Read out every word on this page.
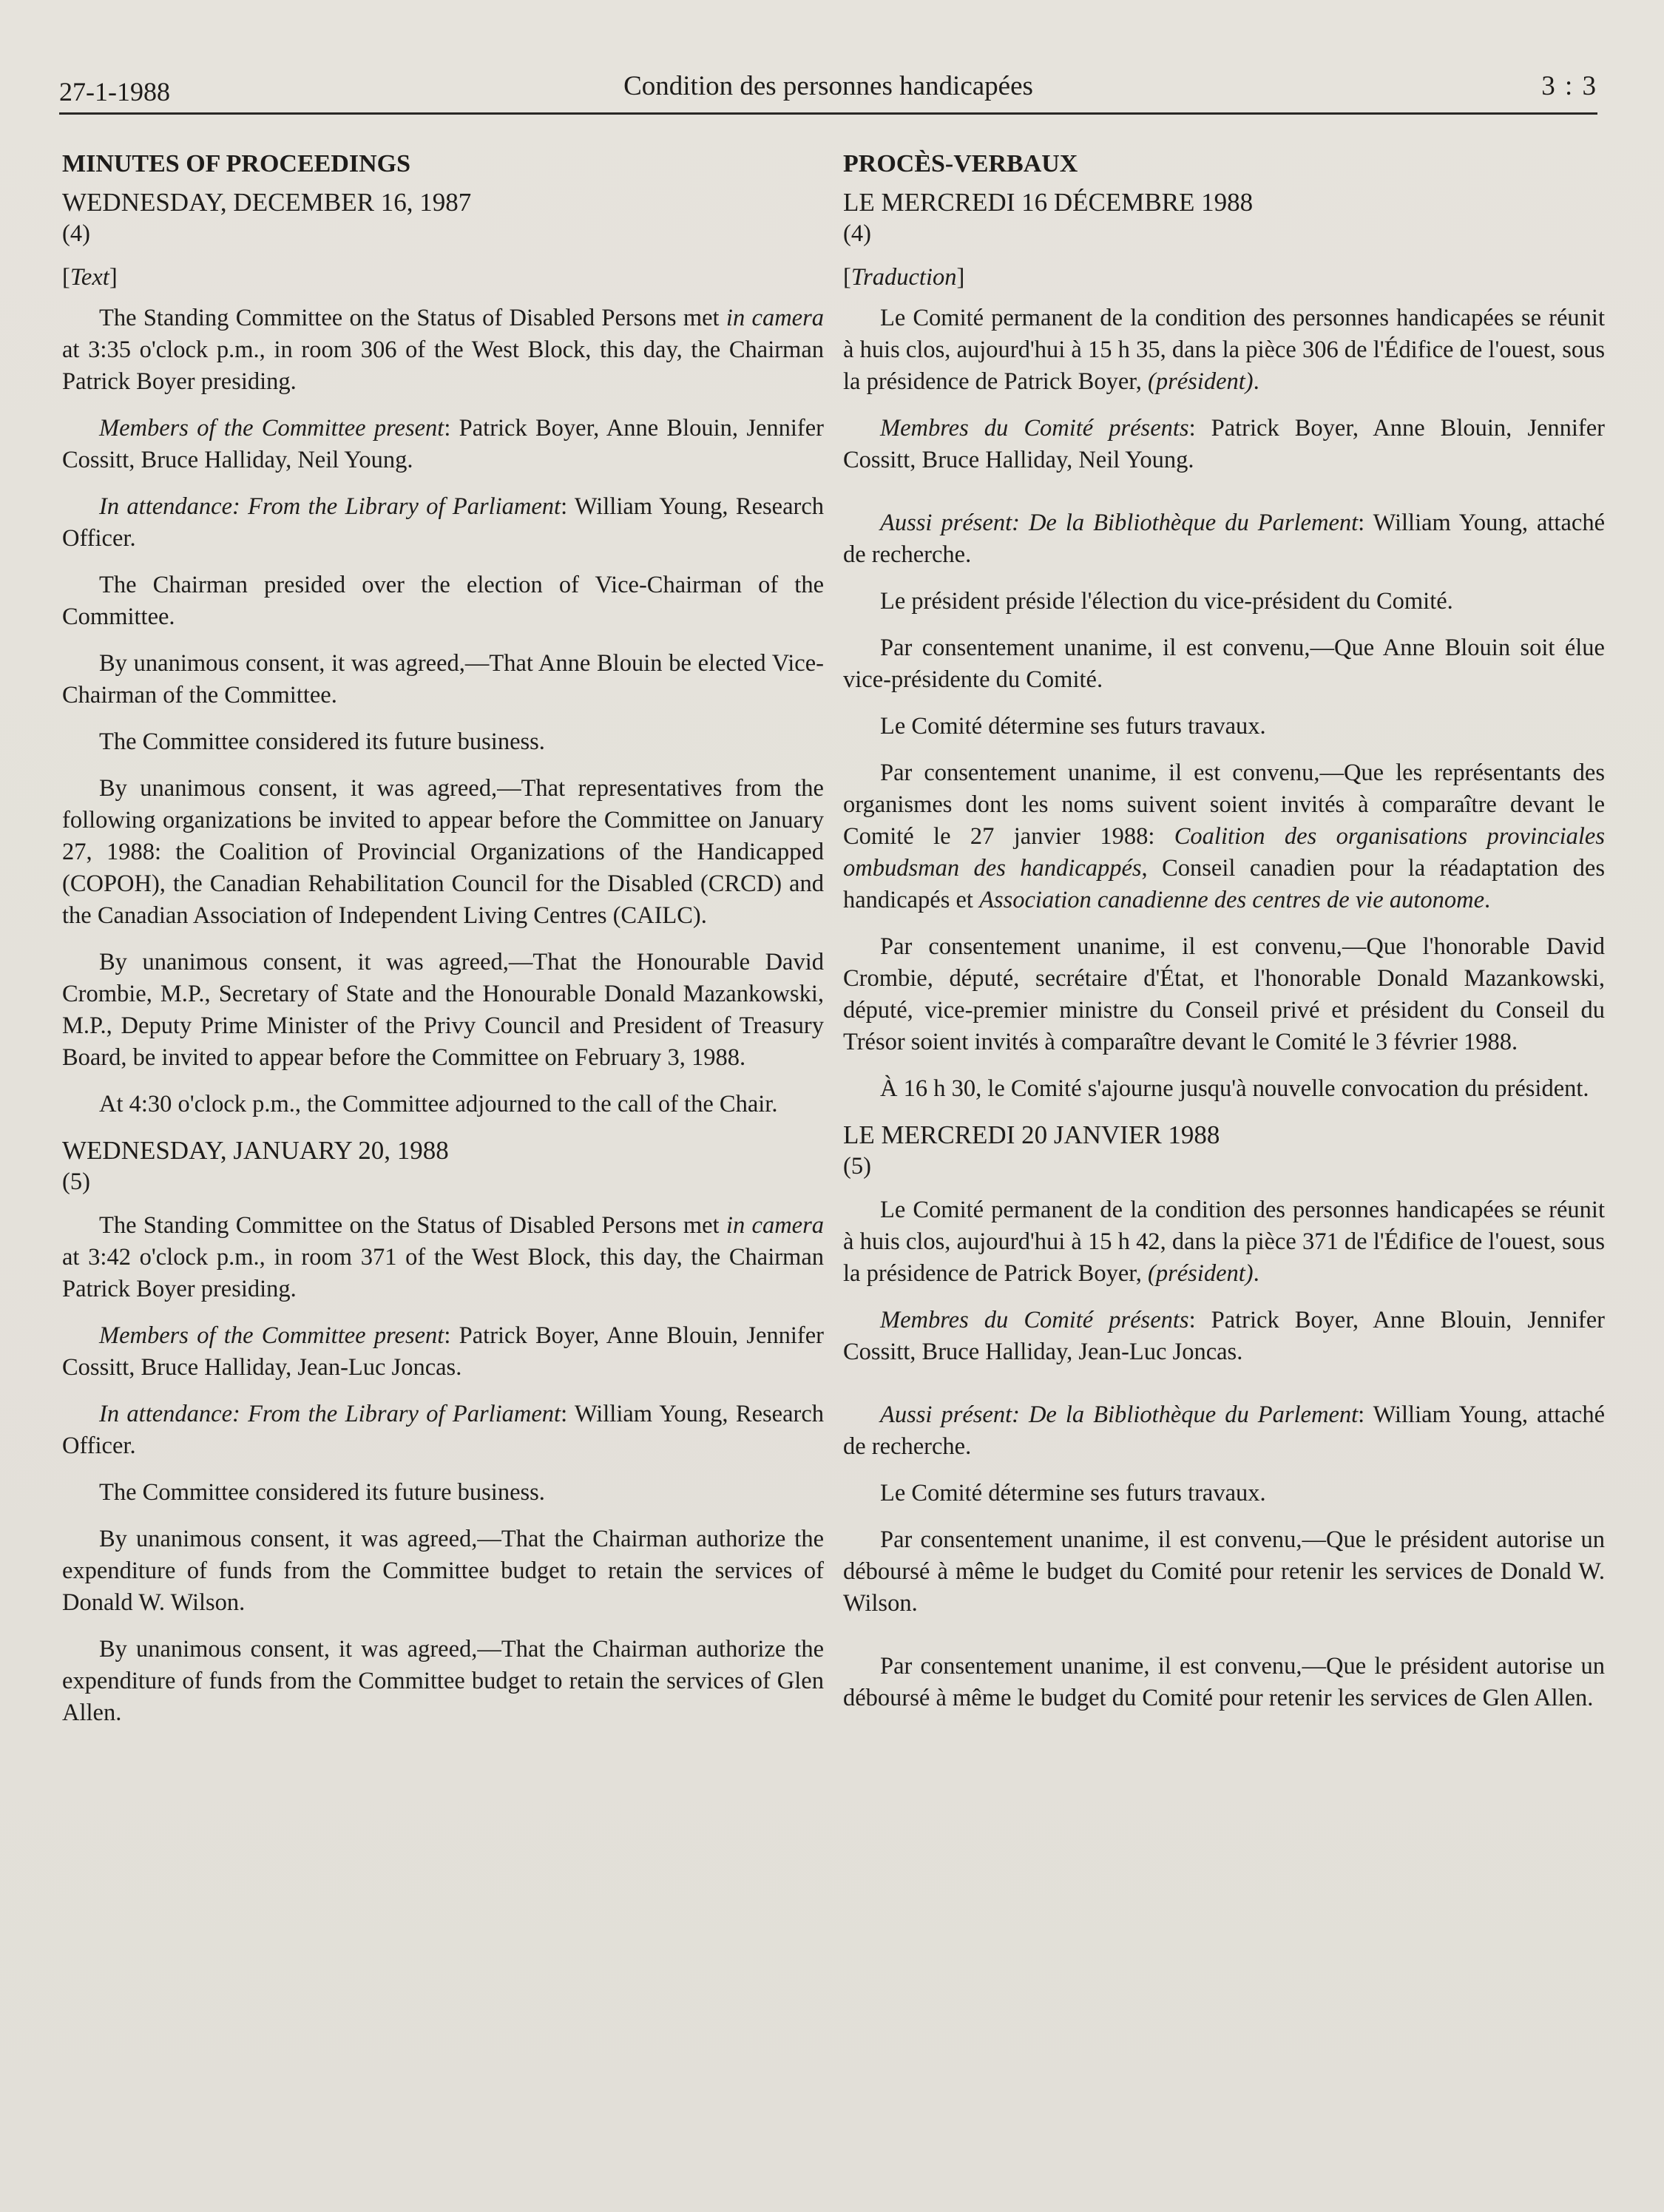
27-1-1988	Condition des personnes handicapées	3 : 3
MINUTES OF PROCEEDINGS
WEDNESDAY, DECEMBER 16, 1987
(4)
[Text]

The Standing Committee on the Status of Disabled Persons met in camera at 3:35 o'clock p.m., in room 306 of the West Block, this day, the Chairman Patrick Boyer presiding.

Members of the Committee present: Patrick Boyer, Anne Blouin, Jennifer Cossitt, Bruce Halliday, Neil Young.

In attendance: From the Library of Parliament: William Young, Research Officer.

The Chairman presided over the election of Vice-Chairman of the Committee.

By unanimous consent, it was agreed,—That Anne Blouin be elected Vice-Chairman of the Committee.

The Committee considered its future business.

By unanimous consent, it was agreed,—That representatives from the following organizations be invited to appear before the Committee on January 27, 1988: the Coalition of Provincial Organizations of the Handicapped (COPOH), the Canadian Rehabilitation Council for the Disabled (CRCD) and the Canadian Association of Independent Living Centres (CAILC).

By unanimous consent, it was agreed,—That the Honourable David Crombie, M.P., Secretary of State and the Honourable Donald Mazankowski, M.P., Deputy Prime Minister of the Privy Council and President of Treasury Board, be invited to appear before the Committee on February 3, 1988.

At 4:30 o'clock p.m., the Committee adjourned to the call of the Chair.

WEDNESDAY, JANUARY 20, 1988
(5)

The Standing Committee on the Status of Disabled Persons met in camera at 3:42 o'clock p.m., in room 371 of the West Block, this day, the Chairman Patrick Boyer presiding.

Members of the Committee present: Patrick Boyer, Anne Blouin, Jennifer Cossitt, Bruce Halliday, Jean-Luc Joncas.

In attendance: From the Library of Parliament: William Young, Research Officer.

The Committee considered its future business.

By unanimous consent, it was agreed,—That the Chairman authorize the expenditure of funds from the Committee budget to retain the services of Donald W. Wilson.

By unanimous consent, it was agreed,—That the Chairman authorize the expenditure of funds from the Committee budget to retain the services of Glen Allen.

PROCÈS-VERBAUX
LE MERCREDI 16 DÉCEMBRE 1988
(4)
[Traduction]

Le Comité permanent de la condition des personnes handicapées se réunit à huis clos, aujourd'hui à 15 h 35, dans la pièce 306 de l'Édifice de l'ouest, sous la présidence de Patrick Boyer, (président).

Membres du Comité présents: Patrick Boyer, Anne Blouin, Jennifer Cossitt, Bruce Halliday, Neil Young.

Aussi présent: De la Bibliothèque du Parlement: William Young, attaché de recherche.

Le président préside l'élection du vice-président du Comité.

Par consentement unanime, il est convenu,—Que Anne Blouin soit élue vice-présidente du Comité.

Le Comité détermine ses futurs travaux.

Par consentement unanime, il est convenu,—Que les représentants des organismes dont les noms suivent soient invités à comparaître devant le Comité le 27 janvier 1988: Coalition des organisations provinciales ombudsman des handicappés, Conseil canadien pour la réadaptation des handicapés et Association canadienne des centres de vie autonome.

Par consentement unanime, il est convenu,—Que l'honorable David Crombie, député, secrétaire d'État, et l'honorable Donald Mazankowski, député, vice-premier ministre du Conseil privé et président du Conseil du Trésor soient invités à comparaître devant le Comité le 3 février 1988.

À 16 h 30, le Comité s'ajourne jusqu'à nouvelle convocation du président.

LE MERCREDI 20 JANVIER 1988
(5)

Le Comité permanent de la condition des personnes handicapées se réunit à huis clos, aujourd'hui à 15 h 42, dans la pièce 371 de l'Édifice de l'ouest, sous la présidence de Patrick Boyer, (président).

Membres du Comité présents: Patrick Boyer, Anne Blouin, Jennifer Cossitt, Bruce Halliday, Jean-Luc Joncas.

Aussi présent: De la Bibliothèque du Parlement: William Young, attaché de recherche.

Le Comité détermine ses futurs travaux.

Par consentement unanime, il est convenu,—Que le président autorise un déboursé à même le budget du Comité pour retenir les services de Donald W. Wilson.

Par consentement unanime, il est convenu,—Que le président autorise un déboursé à même le budget du Comité pour retenir les services de Glen Allen.
